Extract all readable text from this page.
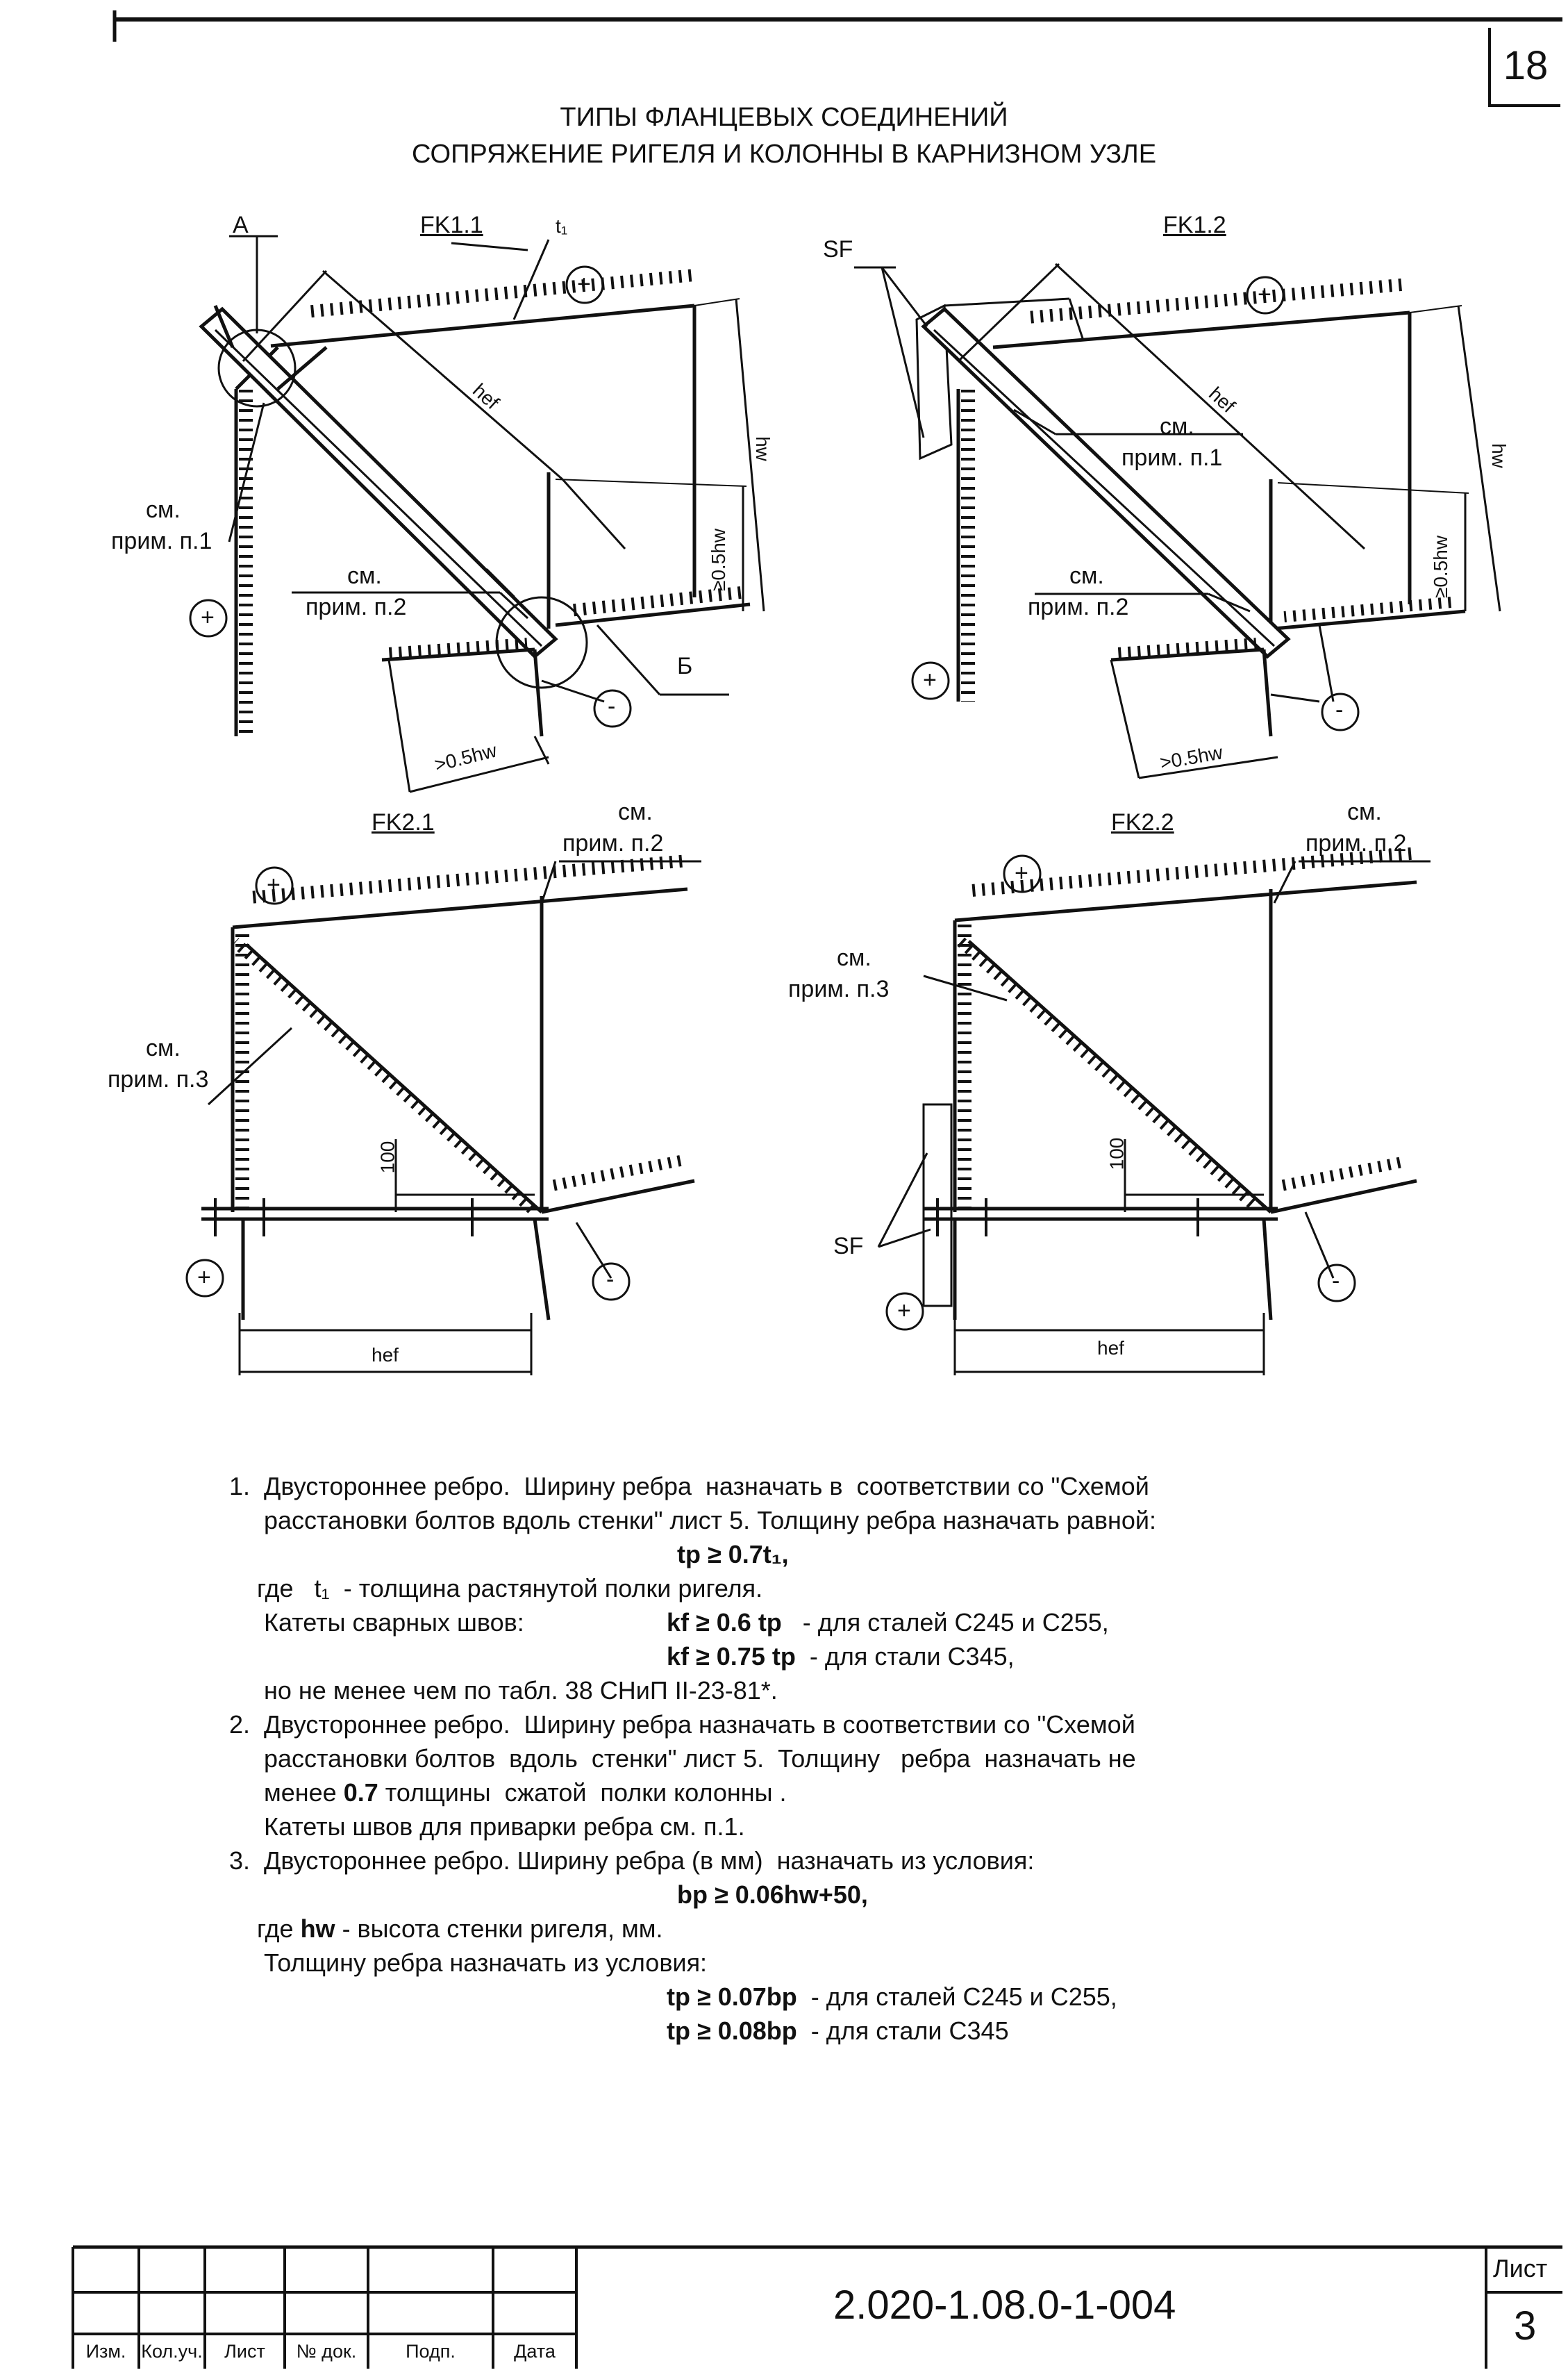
18
ТИПЫ ФЛАНЦЕВЫХ СОЕДИНЕНИЙ
СОПРЯЖЕНИЕ РИГЕЛЯ И КОЛОННЫ В КАРНИЗНОМ УЗЛЕ
FK1.1
A	t₁
Б
hef
hw
≥0.5hw
>0.5hw
см.
прим. п.1
см.
прим. п.2
+
+
-
FK1.2
SF
hef
hw
≥0.5hw
>0.5hw
см.
прим. п.1
см.
прим. п.2
+
+
-
FK2.1	см.
прим. п.2
см.
прим. п.3
100
hef
+
+	-
FK2.2	см.
прим. п.2
см.
прим. п.3
SF
100
hef
+
+
-
1.  Двустороннее ребро.  Ширину ребра  назначать в  соответствии со "Схемой
расстановки болтов вдоль стенки" лист 5. Толщину ребра назначать равной:
tp ≥ 0.7t₁,
где   t₁  - толщина растянутой полки ригеля.
Катеты сварных швов:	kf ≥ 0.6 tp   - для сталей С245 и С255,
kf ≥ 0.75 tp  - для стали С345,
но не менее чем по табл. 38 СНиП II-23-81*.
2.  Двустороннее ребро.  Ширину ребра назначать в соответствии со "Схемой
расстановки болтов  вдоль  стенки" лист 5.  Толщину   ребра  назначать не
менее 0.7 толщины  сжатой  полки колонны .
Катеты швов для приварки ребра см. п.1.
3.  Двустороннее ребро. Ширину ребра (в мм)  назначать из условия:
bp ≥ 0.06hw+50,
где hw - высота стенки ригеля, мм.
Толщину ребра назначать из условия:
tp ≥ 0.07bp  - для сталей С245 и С255,
tp ≥ 0.08bp  - для стали С345
2.020-1.08.0-1-004
Лист
3
Изм. Кол.уч.	Лист	№ док.	Подп.	Дата
